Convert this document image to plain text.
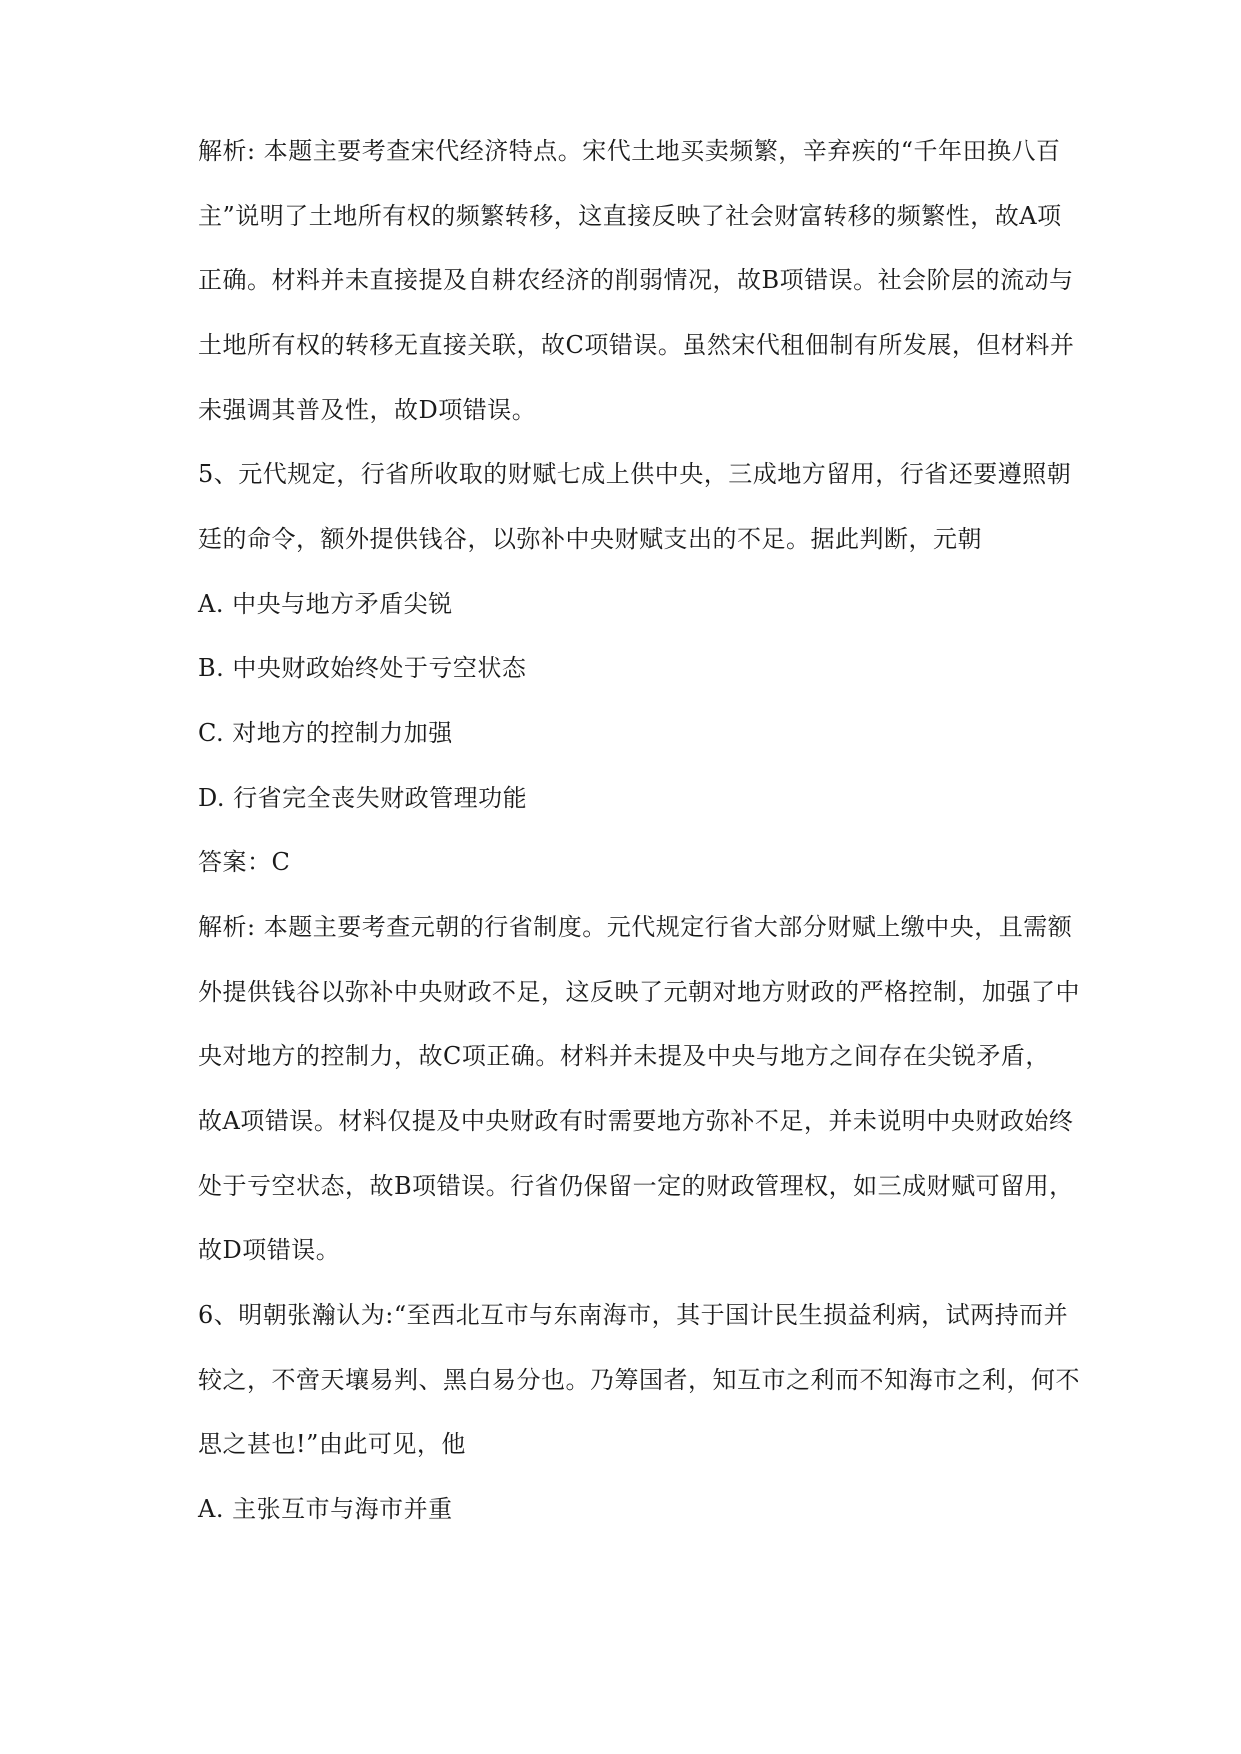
解析: 本题主要考查宋代经济特点。宋代土地买卖频繁，辛弃疾的“千年田换八百
主”说明了土地所有权的频繁转移，这直接反映了社会财富转移的频繁性，故A项
正确。材料并未直接提及自耕农经济的削弱情况，故B项错误。社会阶层的流动与
土地所有权的转移无直接关联，故C项错误。虽然宋代租佃制有所发展，但材料并
未强调其普及性，故D项错误。
5、元代规定，行省所收取的财赋七成上供中央，三成地方留用，行省还要遵照朝
廷的命令，额外提供钱谷，以弥补中央财赋支出的不足。据此判断，元朝
A. 中央与地方矛盾尖锐
B. 中央财政始终处于亏空状态
C. 对地方的控制力加强
D. 行省完全丧失财政管理功能
答案：C
解析: 本题主要考查元朝的行省制度。元代规定行省大部分财赋上缴中央，且需额
外提供钱谷以弥补中央财政不足，这反映了元朝对地方财政的严格控制，加强了中
央对地方的控制力，故C项正确。材料并未提及中央与地方之间存在尖锐矛盾，
故A项错误。材料仅提及中央财政有时需要地方弥补不足，并未说明中央财政始终
处于亏空状态，故B项错误。行省仍保留一定的财政管理权，如三成财赋可留用，
故D项错误。
6、明朝张瀚认为:“至西北互市与东南海市，其于国计民生损益利病，试两持而并
较之，不啻天壤易判、黑白易分也。乃筹国者，知互市之利而不知海市之利，何不
思之甚也!”由此可见，他
A. 主张互市与海市并重
